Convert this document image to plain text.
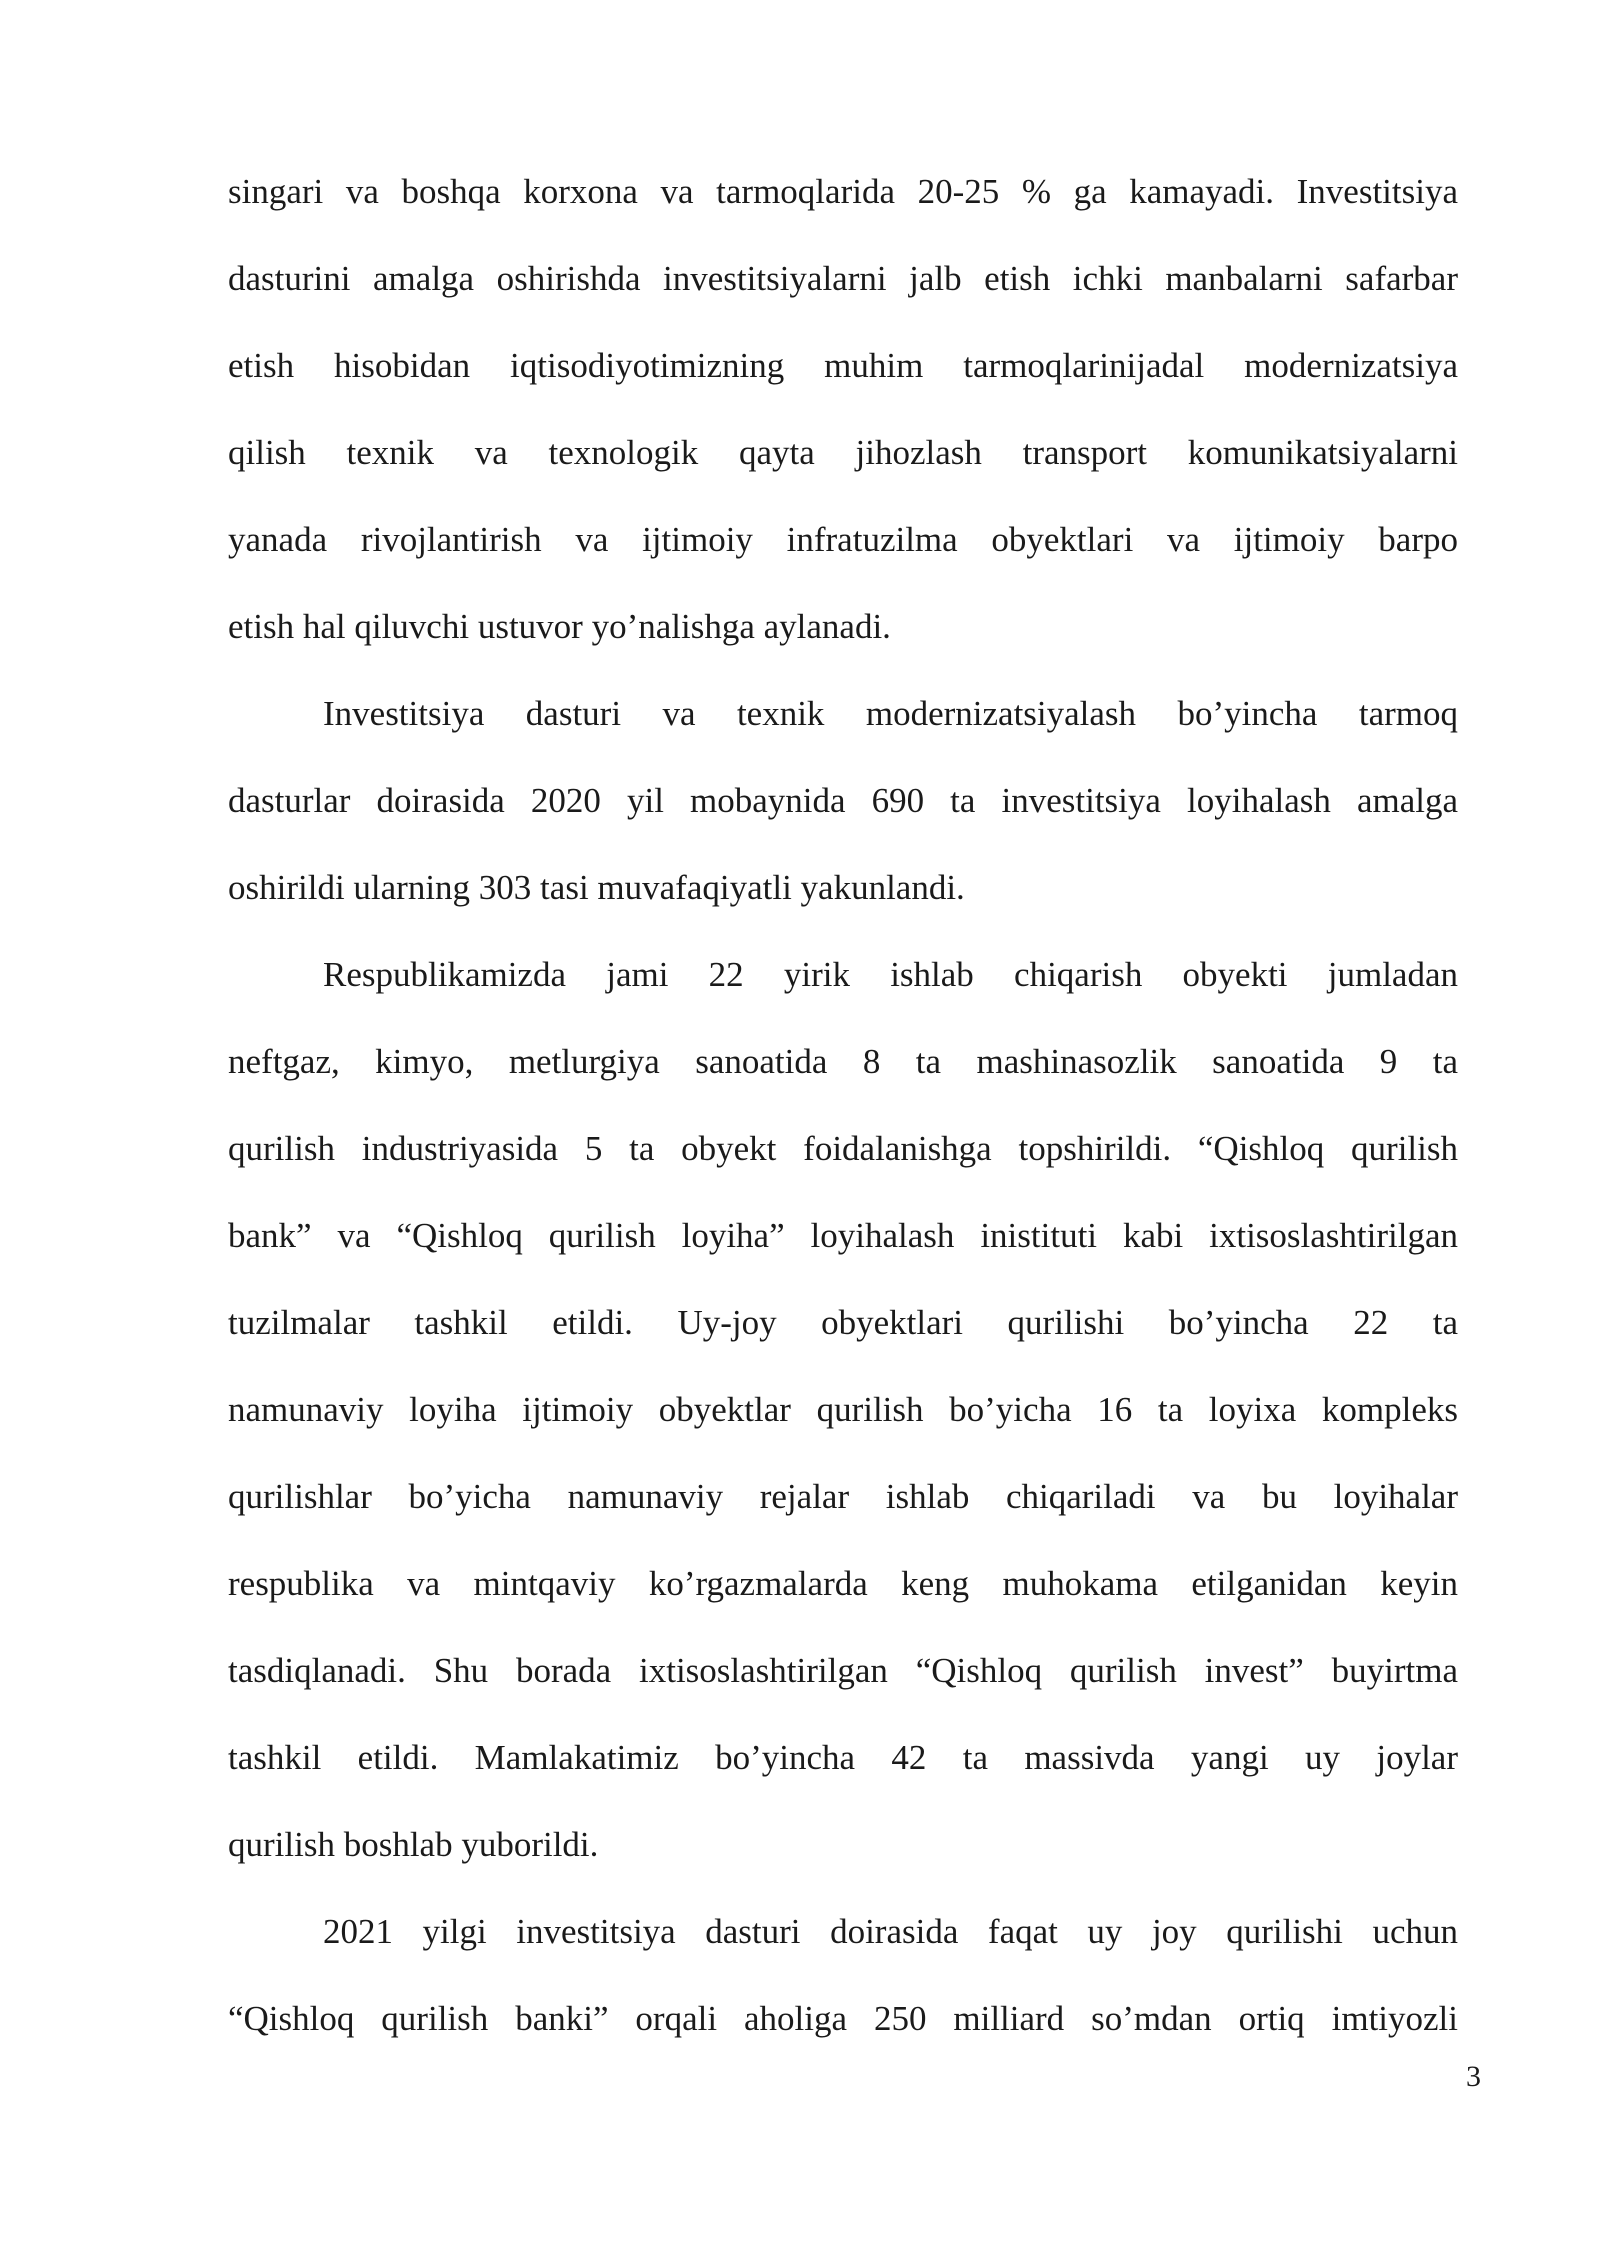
singari va boshqa korxona va tarmoqlarida 20-25 % ga kamayadi. Investitsiya
dasturini amalga oshirishda investitsiyalarni jalb etish ichki manbalarni safarbar
etish hisobidan iqtisodiyotimizning muhim tarmoqlarinijadal modernizatsiya
qilish texnik va texnologik qayta jihozlash transport komunikatsiyalarni
yanada rivojlantirish va ijtimoiy infratuzilma obyektlari va ijtimoiy barpo
etish hal qiluvchi ustuvor yo’nalishga aylanadi.

Investitsiya dasturi va texnik modernizatsiyalash bo’yincha tarmoq
dasturlar doirasida 2020 yil mobaynida 690 ta investitsiya loyihalash amalga
oshirildi ularning 303 tasi muvafaqiyatli yakunlandi.

Respublikamizda jami 22 yirik ishlab chiqarish obyekti jumladan
neftgaz, kimyo, metlurgiya sanoatida 8 ta mashinasozlik sanoatida 9 ta
qurilish industriyasida 5 ta obyekt foidalanishga topshirildi. “Qishloq qurilish
bank” va “Qishloq qurilish loyiha” loyihalash inistituti kabi ixtisoslashtirilgan
tuzilmalar tashkil etildi. Uy-joy obyektlari qurilishi bo’yincha 22 ta
namunaviy loyiha ijtimoiy obyektlar qurilish bo’yicha 16 ta loyixa kompleks
qurilishlar bo’yicha namunaviy rejalar ishlab chiqariladi va bu loyihalar
respublika va mintqaviy ko’rgazmalarda keng muhokama etilganidan keyin
tasdiqlanadi. Shu borada ixtisoslashtirilgan “Qishloq qurilish invest” buyirtma
tashkil etildi. Mamlakatimiz bo’yincha 42 ta massivda yangi uy joylar
qurilish boshlab yuborildi.

2021 yilgi investitsiya dasturi doirasida faqat uy joy qurilishi uchun
“Qishloq qurilish banki” orqali aholiga 250 milliard so’mdan ortiq imtiyozli

3
